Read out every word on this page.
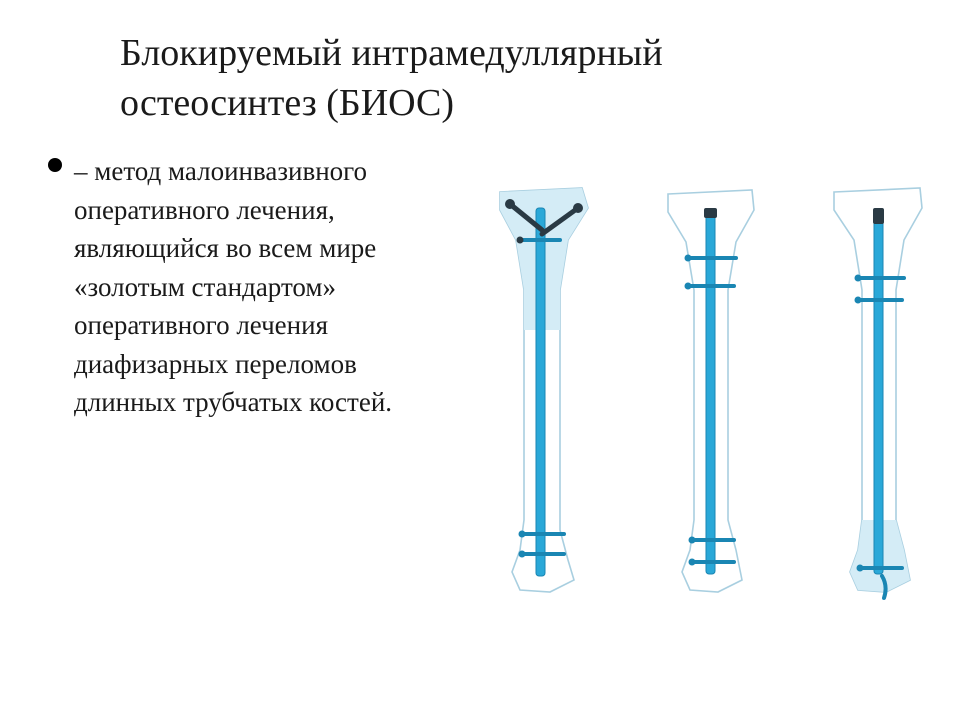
Блокируемый интрамедуллярный
остеосинтез (БИОС)
– метод малоинвазивного
оперативного лечения,
являющийся во всем мире
«золотым стандартом»
оперативного лечения
диафизарных переломов
длинных трубчатых костей.
